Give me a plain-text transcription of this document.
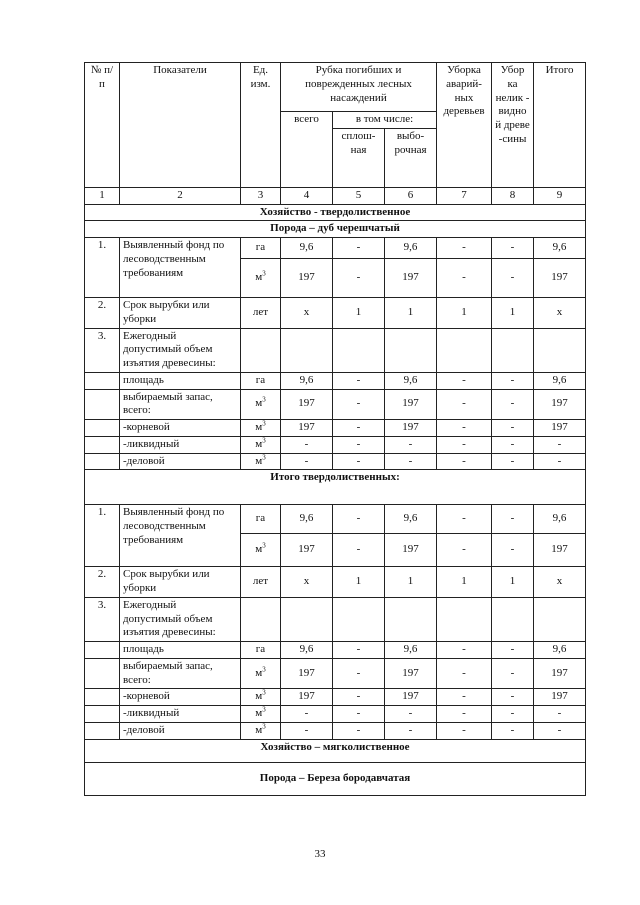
№ п/п	Показатели	Ед. изм.	Рубка погибших и поврежденных лесных насаждений			Уборка аварий-ных деревьев	Убор ка нелик - видно й древе -сины	Итого
			всего	в том числе:				
				сплош-ная	выбо-рочная			
1	2	3	4	5	6	7	8	9
Хозяйство - твердолиственное								
Порода – дуб черешчатый								
1.	Выявленный фонд по лесоводственным требованиям	га	9,6	-	9,6	-	-	9,6
		$м^3$	197	-	197	-	-	197
2.	Срок вырубки или уборки	лет	х	1	1	1	1	х
3.	Ежегодный допустимый объем изъятия древесины:							
	площадь	га	9,6	-	9,6	-	-	9,6
	выбираемый запас, всего:	$м^3$	197	-	197	-	-	197
	-корневой	$м^3$	197	-	197	-	-	197
	-ликвидный	$м^3$	-	-	-	-	-	-
	-деловой	$м^3$	-	-	-	-	-	-
Итого твердолиственных:								
1.	Выявленный фонд по лесоводственным требованиям	га	9,6	-	9,6	-	-	9,6
		$м^3$	197	-	197	-	-	197
2.	Срок вырубки или уборки	лет	х	1	1	1	1	х
3.	Ежегодный допустимый объем изъятия древесины:							
	площадь	га	9,6	-	9,6	-	-	9,6
	выбираемый запас, всего:	$м^3$	197	-	197	-	-	197
	-корневой	$м^3$	197	-	197	-	-	197
	-ликвидный	$м^3$	-	-	-	-	-	-
	-деловой	$м^3$	-	-	-	-	-	-
Хозяйство – мягколиственное								
Порода – Береза бородавчатая								
33
